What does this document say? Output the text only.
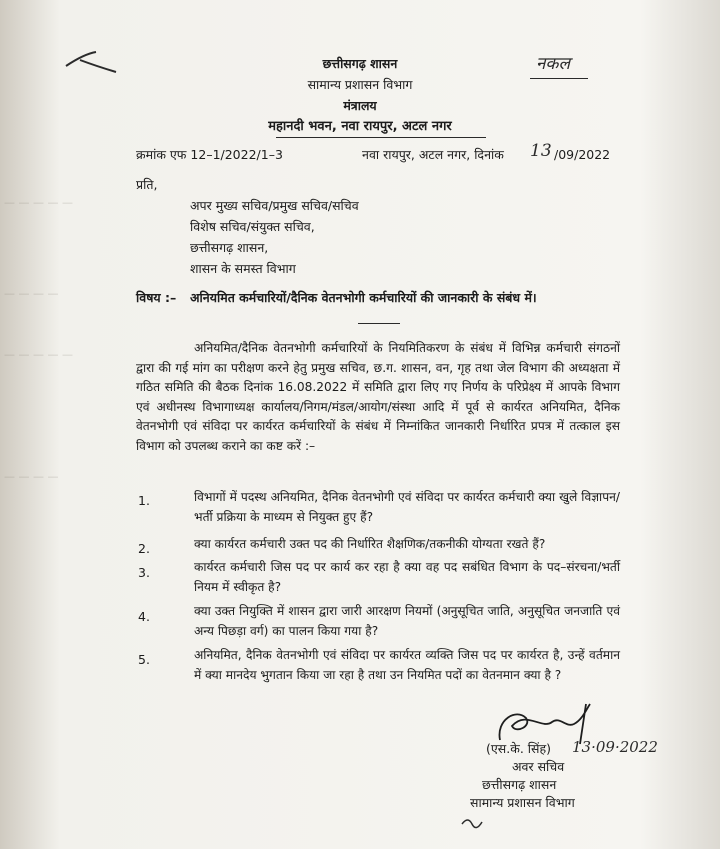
— — — — —
— — — —
— — — — —
— — — —
नकल
छत्तीसगढ़ शासन
सामान्य प्रशासन विभाग
मंत्रालय
महानदी भवन, नवा रायपुर, अटल नगर
क्रमांक एफ 12–1/2022/1–3	नवा रायपुर, अटल नगर, दिनांक 13 /09/2022
प्रति,
अपर मुख्य सचिव/प्रमुख सचिव/सचिव
विशेष सचिव/संयुक्त सचिव,
छत्तीसगढ़ शासन,
शासन के समस्त विभाग
विषय :– अनियमित कर्मचारियों/दैनिक वेतनभोगी कर्मचारियों की जानकारी के संबंध में।
अनियमित/दैनिक वेतनभोगी कर्मचारियों के नियमितिकरण के संबंध में विभिन्न कर्मचारी संगठनों द्वारा की गई मांग का परीक्षण करने हेतु प्रमुख सचिव, छ.ग. शासन, वन, गृह तथा जेल विभाग की अध्यक्षता में गठित समिति की बैठक दिनांक 16.08.2022 में समिति द्वारा लिए गए निर्णय के परिप्रेक्ष्य में आपके विभाग एवं अधीनस्थ विभागाध्यक्ष कार्यालय/निगम/मंडल/आयोग/संस्था आदि में पूर्व से कार्यरत अनियमित, दैनिक वेतनभोगी एवं संविदा पर कार्यरत कर्मचारियों के संबंध में निम्नांकित जानकारी निर्धारित प्रपत्र में तत्काल इस विभाग को उपलब्ध कराने का कष्ट करें :–
1.	विभागों में पदस्थ अनियमित, दैनिक वेतनभोगी एवं संविदा पर कार्यरत कर्मचारी क्या खुले विज्ञापन/भर्ती प्रक्रिया के माध्यम से नियुक्त हुए हैं?
2.	क्या कार्यरत कर्मचारी उक्त पद की निर्धारित शैक्षणिक/तकनीकी योग्यता रखते हैं?
3.	कार्यरत कर्मचारी जिस पद पर कार्य कर रहा है क्या वह पद सबंधित विभाग के पद–संरचना/भर्ती नियम में स्वीकृत है?
4.	क्या उक्त नियुक्ति में शासन द्वारा जारी आरक्षण नियमों (अनुसूचित जाति, अनुसूचित जनजाति एवं अन्य पिछड़ा वर्ग) का पालन किया गया है?
5.	अनियमित, दैनिक वेतनभोगी एवं संविदा पर कार्यरत व्यक्ति जिस पद पर कार्यरत है, उन्हें वर्तमान में क्या मानदेय भुगतान किया जा रहा है तथा उन नियमित पदों का वेतनमान क्या है ?
(एस.के. सिंह) 13·09·2022
अवर सचिव
छत्तीसगढ़ शासन
सामान्य प्रशासन विभाग
